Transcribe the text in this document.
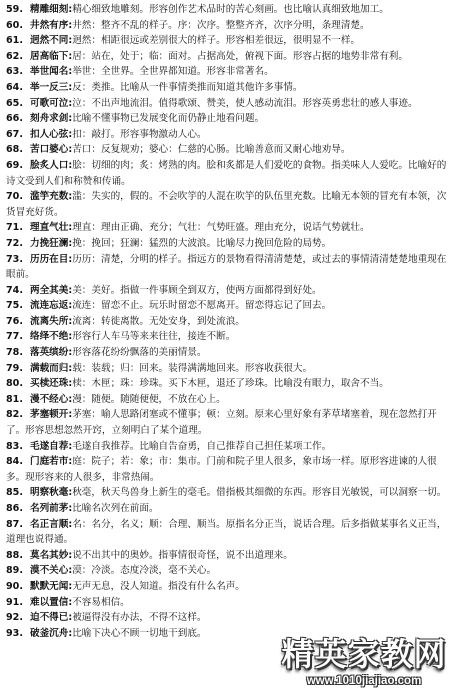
59. 精雕细刻:精心细致地雕刻。形容创作艺术品时的苦心刻画。也比喻认真细致地加工。

60. 井然有序:井然：整齐不乱的样子。序：次序。整整齐齐，次序分明，条理清楚。

61. 迥然不同:迥然：相距很远或差别很大的样子。形容相差很远，很明显不一样。

62. 居高临下:居：站在，处于；临：面对。占据高处，俯视下面。形容占据的地势非常有利。

63. 举世闻名:举世：全世界。全世界都知道。形容非常著名。

64. 举一反三:反：类推。比喻从一件事情类推而知道其他许多事情。

65. 可歌可泣:泣：不出声地流泪。值得歌颂、赞美，使人感动流泪。形容英勇悲壮的感人事迹。

66. 刻舟求剑:比喻不懂事物已发展变化而仍静止地看问题。

67. 扣人心弦:扣：敲打。形容事物激动人心。

68. 苦口婆心:苦口：反复规劝；婆心：仁慈的心肠。比喻善意而又耐心地劝导。

69. 脍炙人口:脍：切细的肉；炙：烤熟的肉。脍和炙都是人们爱吃的食物。指美味人人爱吃。比喻好的诗文受到人们和称赞和传诵。

70. 滥竽充数:滥：失实的，假的。不会吹竽的人混在吹竽的队伍里充数。比喻无本领的冒充有本领，次货冒充好货。

71. 理直气壮:理直：理由正确、充分；气壮：气势旺盛。理由充分，说话气势就壮。

72. 力挽狂澜:挽：挽回；狂澜：猛烈的大波浪。比喻尽力挽回危险的局势。

73. 历历在目:历历：清楚，分明的样子。指远方的景物看得清清楚楚，或过去的事情清清楚楚地重现在眼前。

74. 两全其美:美：美好。指做一件事顾全到双方，使两方面都得到好处。

75. 流连忘返:流连：留恋不止。玩乐时留恋不愿离开。留恋得忘记了回去。

76. 流离失所:流离：转徙离散。无处安身，到处流浪。

77. 络绎不绝:形容行人车马等来来往往，接连不断。

78. 落英缤纷:形容落花纷纷飘落的美丽情景。

79. 满载而归:载：装载；归：回来。装得满满地回来。形容收获很大。

80. 买椟还珠:椟：木匣；珠：珍珠。买下木匣，退还了珍珠。比喻没有眼力，取舍不当。

81. 漫不经心:漫：随便。随随便便，不放在心上。

82. 茅塞顿开:茅塞：喻人思路闭塞或不懂事；顿：立刻。原来心里好象有茅草堵塞着，现在忽然打开了。形容思想忽然开窍，立刻明白了某个道理。

83. 毛遂自荐:毛遂自我推荐。比喻自告奋勇，自己推荐自己担任某项工作。

84. 门庭若市:庭：院子；若：象；市：集市。门前和院子里人很多，象市场一样。原形容进谏的人很多。现形容来的人很多，非常热闹。

85. 明察秋毫:秋毫，秋天鸟兽身上新生的毫毛。借指极其细微的东西。形容目光敏锐，可以洞察一切。

86. 名列前茅:比喻名次列在前面。

87. 名正言顺:名：名分，名义；顺：合理、顺当。原指名分正当，说话合理。后多指做某事名义正当，道理也说得通。

88. 莫名其妙:说不出其中的奥妙。指事情很奇怪，说不出道理来。

89. 漠不关心:漠：冷淡。态度冷淡，毫不关心。

90. 默默无闻:无声无息，没人知道。指没有什么名声。

91. 难以置信:不容易相信。

92. 迫不得已:被逼得没有办法，不得不这样。

93. 破釜沉舟:比喻下决心不顾一切地干到底。

精英家教网
www.1010jiajiao.com
